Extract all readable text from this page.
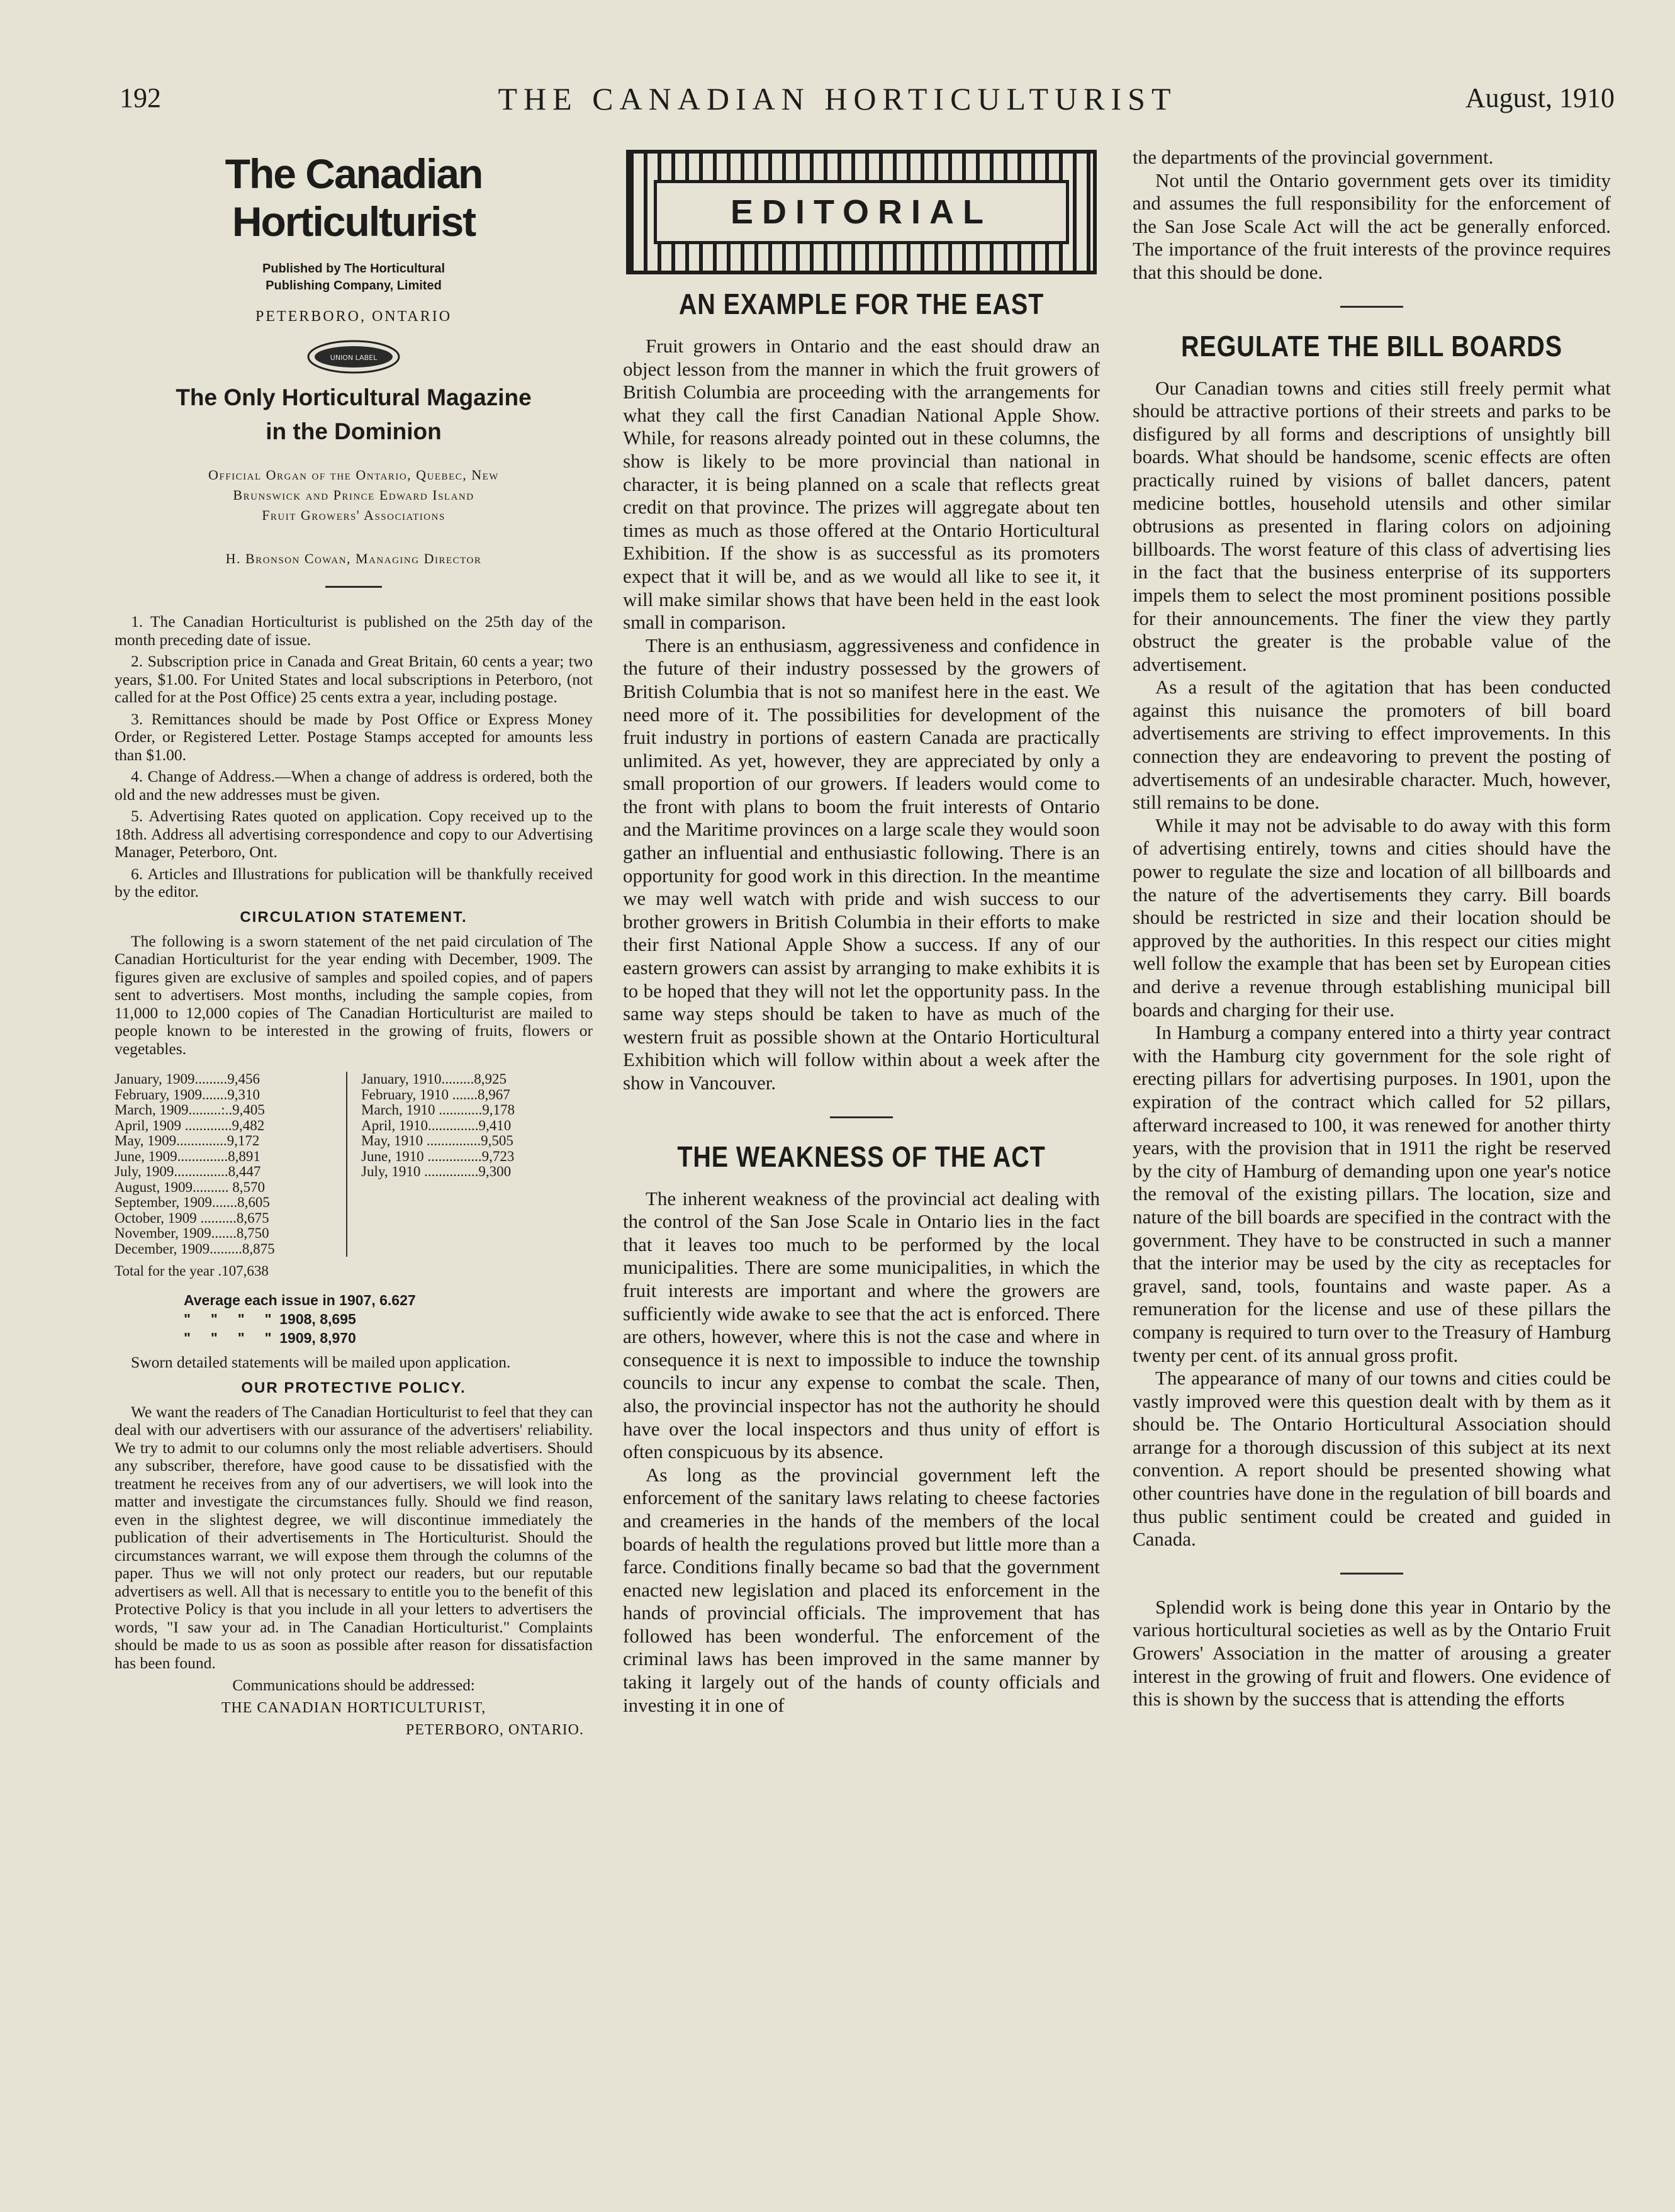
192	THE CANADIAN HORTICULTURIST	August, 1910
The Canadian Horticulturist
Published by The Horticultural
Publishing Company, Limited
PETERBORO, ONTARIO
UNION LABEL
The Only Horticultural Magazine
in the Dominion
Official Organ of the Ontario, Quebec, New
Brunswick and Prince Edward Island
Fruit Growers' Associations
H. Bronson Cowan, Managing Director

1. The Canadian Horticulturist is published on the 25th day of the month preceding date of issue.

2. Subscription price in Canada and Great Britain, 60 cents a year; two years, $1.00. For United States and local subscriptions in Peterboro, (not called for at the Post Office) 25 cents extra a year, including postage.

3. Remittances should be made by Post Office or Express Money Order, or Registered Letter. Postage Stamps accepted for amounts less than $1.00.

4. Change of Address.—When a change of address is ordered, both the old and the new addresses must be given.

5. Advertising Rates quoted on application. Copy received up to the 18th. Address all advertising correspondence and copy to our Advertising Manager, Peterboro, Ont.

6. Articles and Illustrations for publication will be thankfully received by the editor.

CIRCULATION STATEMENT.

The following is a sworn statement of the net paid circulation of The Canadian Horticulturist for the year ending with December, 1909. The figures given are exclusive of samples and spoiled copies, and of papers sent to advertisers. Most months, including the sample copies, from 11,000 to 12,000 copies of The Canadian Horticulturist are mailed to people known to be interested in the growing of fruits, flowers or vegetables.

January, 1909.........9,456
February, 1909.......9,310
March, 1909.........:..9,405
April, 1909 .............9,482
May, 1909..............9,172
June, 1909..............8,891
July, 1909...............8,447
August, 1909.......... 8,570
September, 1909.......8,605
October, 1909 ..........8,675
November, 1909.......8,750
December, 1909.........8,875
January, 1910.........8,925
February, 1910 .......8,967
March, 1910 ............9,178
April, 1910..............9,410
May, 1910 ...............9,505
June, 1910 ...............9,723
July, 1910 ...............9,300
Total for the year .107,638
Average each issue in 1907, 6.627
"     "     "     "  1908, 8,695
"     "     "     "  1909, 8,970

Sworn detailed statements will be mailed upon application.

OUR PROTECTIVE POLICY.

We want the readers of The Canadian Horticulturist to feel that they can deal with our advertisers with our assurance of the advertisers' reliability. We try to admit to our columns only the most reliable advertisers. Should any subscriber, therefore, have good cause to be dissatisfied with the treatment he receives from any of our advertisers, we will look into the matter and investigate the circumstances fully. Should we find reason, even in the slightest degree, we will discontinue immediately the publication of their advertisements in The Horticulturist. Should the circumstances warrant, we will expose them through the columns of the paper. Thus we will not only protect our readers, but our reputable advertisers as well. All that is necessary to entitle you to the benefit of this Protective Policy is that you include in all your letters to advertisers the words, "I saw your ad. in The Canadian Horticulturist." Complaints should be made to us as soon as possible after reason for dissatisfaction has been found.

Communications should be addressed:
THE CANADIAN HORTICULTURIST,
PETERBORO, ONTARIO.
EDITORIAL
AN EXAMPLE FOR THE EAST

Fruit growers in Ontario and the east should draw an object lesson from the manner in which the fruit growers of British Columbia are proceeding with the arrangements for what they call the first Canadian National Apple Show. While, for reasons already pointed out in these columns, the show is likely to be more provincial than national in character, it is being planned on a scale that reflects great credit on that province. The prizes will aggregate about ten times as much as those offered at the Ontario Horticultural Exhibition. If the show is as successful as its promoters expect that it will be, and as we would all like to see it, it will make similar shows that have been held in the east look small in comparison.

There is an enthusiasm, aggressiveness and confidence in the future of their industry possessed by the growers of British Columbia that is not so manifest here in the east. We need more of it. The possibilities for development of the fruit industry in portions of eastern Canada are practically unlimited. As yet, however, they are appreciated by only a small proportion of our growers. If leaders would come to the front with plans to boom the fruit interests of Ontario and the Maritime provinces on a large scale they would soon gather an influential and enthusiastic following. There is an opportunity for good work in this direction. In the meantime we may well watch with pride and wish success to our brother growers in British Columbia in their efforts to make their first National Apple Show a success. If any of our eastern growers can assist by arranging to make exhibits it is to be hoped that they will not let the opportunity pass. In the same way steps should be taken to have as much of the western fruit as possible shown at the Ontario Horticultural Exhibition which will follow within about a week after the show in Vancouver.

THE WEAKNESS OF THE ACT

The inherent weakness of the provincial act dealing with the control of the San Jose Scale in Ontario lies in the fact that it leaves too much to be performed by the local municipalities. There are some municipalities, in which the fruit interests are important and where the growers are sufficiently wide awake to see that the act is enforced. There are others, however, where this is not the case and where in consequence it is next to impossible to induce the township councils to incur any expense to combat the scale. Then, also, the provincial inspector has not the authority he should have over the local inspectors and thus unity of effort is often conspicuous by its absence.

As long as the provincial government left the enforcement of the sanitary laws relating to cheese factories and creameries in the hands of the members of the local boards of health the regulations proved but little more than a farce. Conditions finally became so bad that the government enacted new legislation and placed its enforcement in the hands of provincial officials. The improvement that has followed has been wonderful. The enforcement of the criminal laws has been improved in the same manner by taking it largely out of the hands of county officials and investing it in one of

the departments of the provincial government.

Not until the Ontario government gets over its timidity and assumes the full responsibility for the enforcement of the San Jose Scale Act will the act be generally enforced. The importance of the fruit interests of the province requires that this should be done.

REGULATE THE BILL BOARDS

Our Canadian towns and cities still freely permit what should be attractive portions of their streets and parks to be disfigured by all forms and descriptions of unsightly bill boards. What should be handsome, scenic effects are often practically ruined by visions of ballet dancers, patent medicine bottles, household utensils and other similar obtrusions as presented in flaring colors on adjoining billboards. The worst feature of this class of advertising lies in the fact that the business enterprise of its supporters impels them to select the most prominent positions possible for their announcements. The finer the view they partly obstruct the greater is the probable value of the advertisement.

As a result of the agitation that has been conducted against this nuisance the promoters of bill board advertisements are striving to effect improvements. In this connection they are endeavoring to prevent the posting of advertisements of an undesirable character. Much, however, still remains to be done.

While it may not be advisable to do away with this form of advertising entirely, towns and cities should have the power to regulate the size and location of all billboards and the nature of the advertisements they carry. Bill boards should be restricted in size and their location should be approved by the authorities. In this respect our cities might well follow the example that has been set by European cities and derive a revenue through establishing municipal bill boards and charging for their use.

In Hamburg a company entered into a thirty year contract with the Hamburg city government for the sole right of erecting pillars for advertising purposes. In 1901, upon the expiration of the contract which called for 52 pillars, afterward increased to 100, it was renewed for another thirty years, with the provision that in 1911 the right be reserved by the city of Hamburg of demanding upon one year's notice the removal of the existing pillars. The location, size and nature of the bill boards are specified in the contract with the government. They have to be constructed in such a manner that the interior may be used by the city as receptacles for gravel, sand, tools, fountains and waste paper. As a remuneration for the license and use of these pillars the company is required to turn over to the Treasury of Hamburg twenty per cent. of its annual gross profit.

The appearance of many of our towns and cities could be vastly improved were this question dealt with by them as it should be. The Ontario Horticultural Association should arrange for a thorough discussion of this subject at its next convention. A report should be presented showing what other countries have done in the regulation of bill boards and thus public sentiment could be created and guided in Canada.

Splendid work is being done this year in Ontario by the various horticultural societies as well as by the Ontario Fruit Growers' Association in the matter of arousing a greater interest in the growing of fruit and flowers. One evidence of this is shown by the success that is attending the efforts
